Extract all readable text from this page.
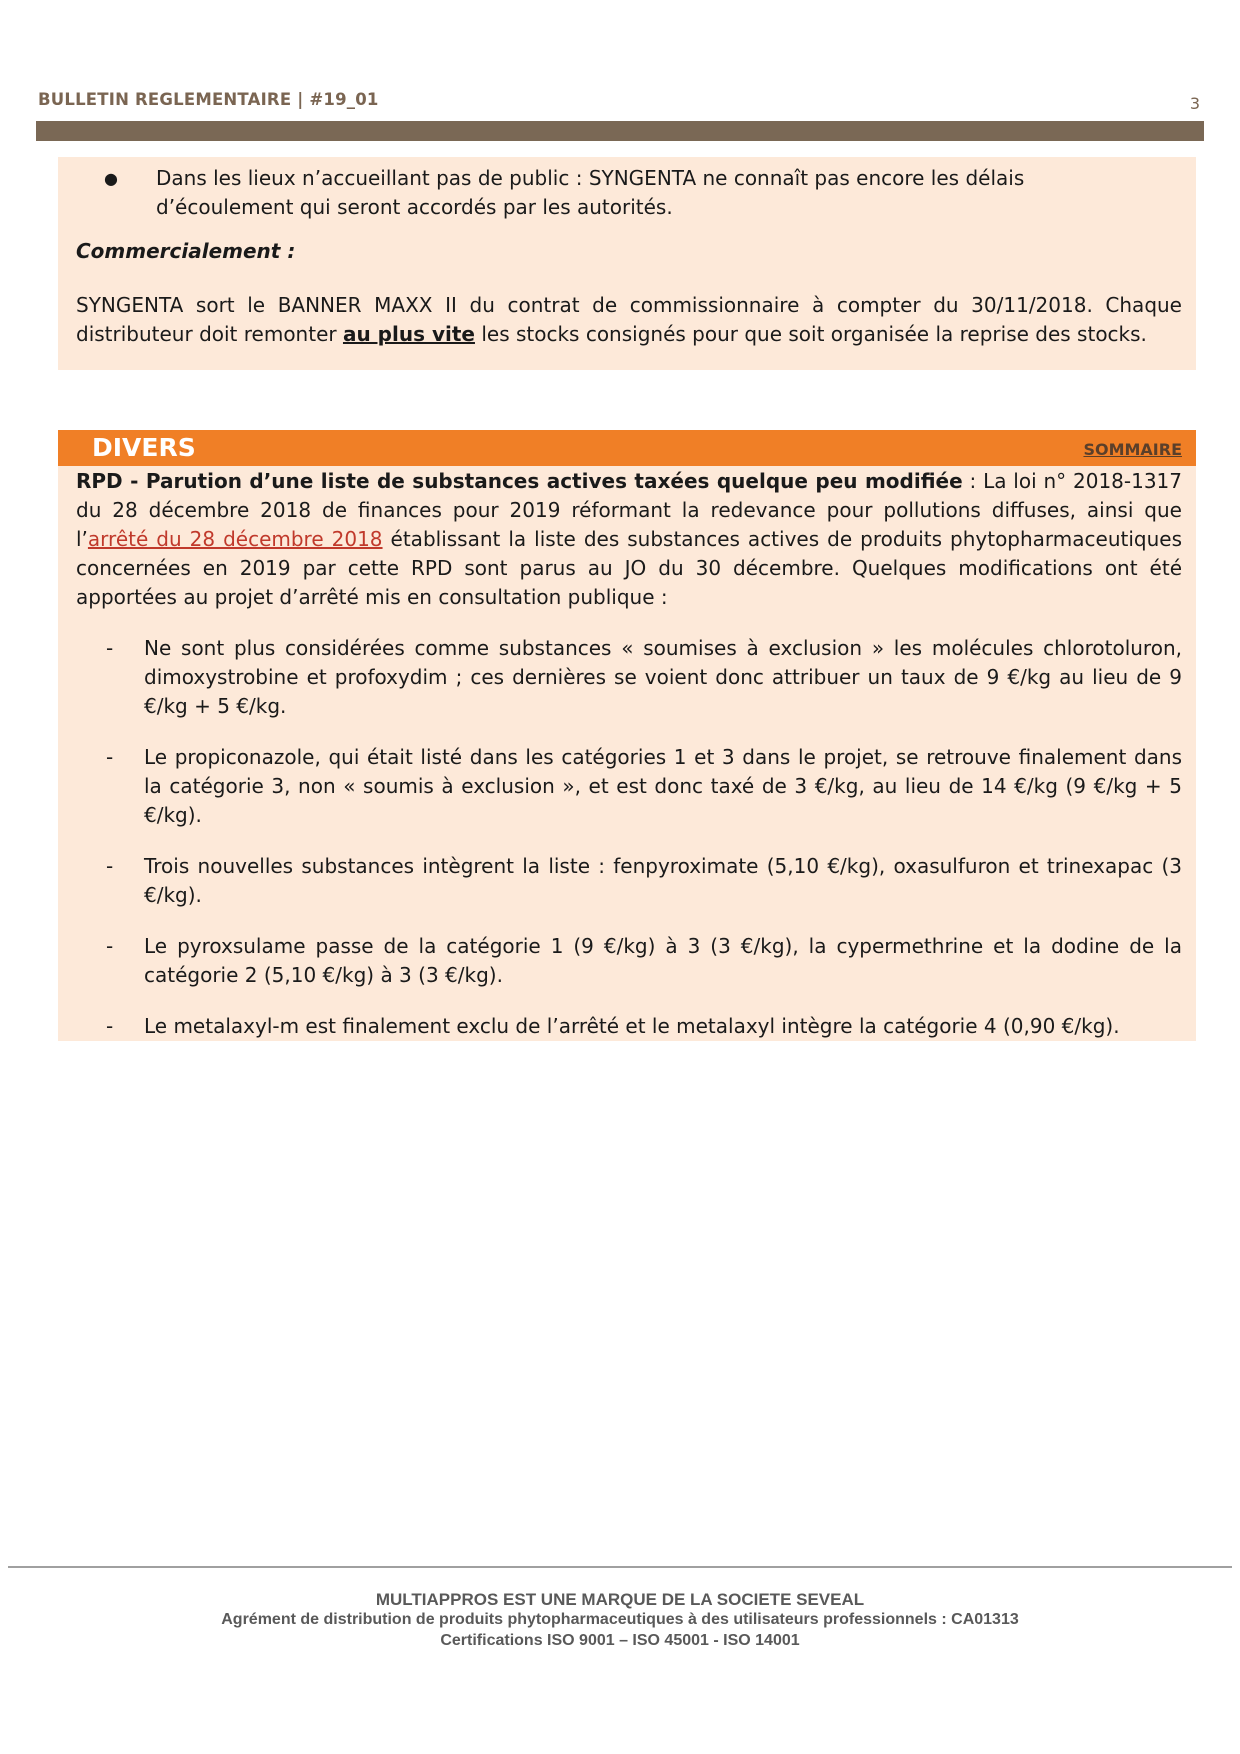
BULLETIN REGLEMENTAIRE | #19_01	3
● Dans les lieux n’accueillant pas de public : SYNGENTA ne connaît pas encore les délais d’écoulement qui seront accordés par les autorités.

Commercialement :

SYNGENTA sort le BANNER MAXX II du contrat de commissionnaire à compter du 30/11/2018. Chaque distributeur doit remonter au plus vite les stocks consignés pour que soit organisée la reprise des stocks.

RPD - Parution d’une liste de substances actives taxées quelque peu modifiée : La loi n° 2018-1317 du 28 décembre 2018 de finances pour 2019 réformant la redevance pour pollutions diffuses, ainsi que l’arrêté du 28 décembre 2018 établissant la liste des substances actives de produits phytopharmaceutiques concernées en 2019 par cette RPD sont parus au JO du 30 décembre. Quelques modifications ont été apportées au projet d’arrêté mis en consultation publique :

- Ne sont plus considérées comme substances « soumises à exclusion » les molécules chlorotoluron, dimoxystrobine et profoxydim ; ces dernières se voient donc attribuer un taux de 9 €/kg au lieu de 9 €/kg + 5 €/kg.
- Le propiconazole, qui était listé dans les catégories 1 et 3 dans le projet, se retrouve finalement dans la catégorie 3, non « soumis à exclusion », et est donc taxé de 3 €/kg, au lieu de 14 €/kg (9 €/kg + 5 €/kg).
- Trois nouvelles substances intègrent la liste : fenpyroximate (5,10 €/kg), oxasulfuron et trinexapac (3 €/kg).
- Le pyroxsulame passe de la catégorie 1 (9 €/kg) à 3 (3 €/kg), la cypermethrine et la dodine de la catégorie 2 (5,10 €/kg) à 3 (3 €/kg).
- Le metalaxyl-m est finalement exclu de l’arrêté et le metalaxyl intègre la catégorie 4 (0,90 €/kg).
DIVERS	SOMMAIRE
MULTIAPPROS EST UNE MARQUE DE LA SOCIETE SEVEAL
Agrément de distribution de produits phytopharmaceutiques à des utilisateurs professionnels : CA01313
Certifications ISO 9001 – ISO 45001 - ISO 14001
